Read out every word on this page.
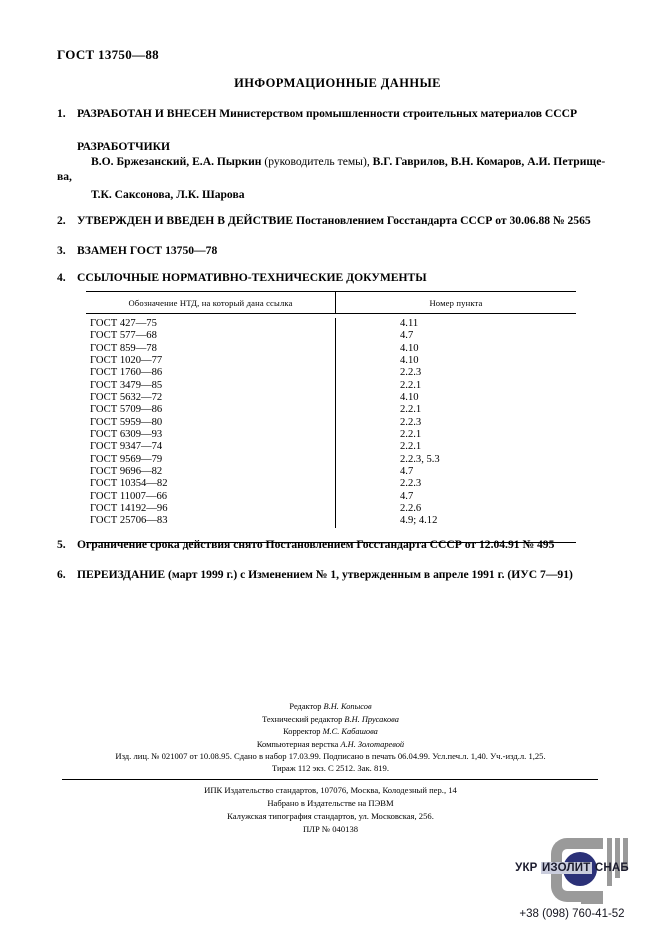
ГОСТ 13750—88
ИНФОРМАЦИОННЫЕ ДАННЫЕ
1. РАЗРАБОТАН И ВНЕСЕН Министерством промышленности строительных материалов СССР
РАЗРАБОТЧИКИ
В.О. Бржезанский, Е.А. Пыркин (руководитель темы), В.Г. Гаврилов, В.Н. Комаров, А.И. Петрище-
ва,
Т.К. Саксонова, Л.К. Шарова
2. УТВЕРЖДЕН И ВВЕДЕН В ДЕЙСТВИЕ Постановлением Госстандарта СССР от 30.06.88 № 2565
3. ВЗАМЕН ГОСТ 13750—78
4. ССЫЛОЧНЫЕ НОРМАТИВНО-ТЕХНИЧЕСКИЕ ДОКУМЕНТЫ
Обозначение НТД, на который дана ссылка	Номер пункта
ГОСТ 427—75
ГОСТ 577—68
ГОСТ 859—78
ГОСТ 1020—77
ГОСТ 1760—86
ГОСТ 3479—85
ГОСТ 5632—72
ГОСТ 5709—86
ГОСТ 5959—80
ГОСТ 6309—93
ГОСТ 9347—74
ГОСТ 9569—79
ГОСТ 9696—82
ГОСТ 10354—82
ГОСТ 11007—66
ГОСТ 14192—96
ГОСТ 25706—83
4.11
4.7
4.10
4.10
2.2.3
2.2.1
4.10
2.2.1
2.2.3
2.2.1
2.2.1
2.2.3, 5.3
4.7
2.2.3
4.7
2.2.6
4.9; 4.12
5. Ограничение срока действия снято Постановлением Госстандарта СССР от 12.04.91 № 495
6. ПЕРЕИЗДАНИЕ (март 1999 г.) с Изменением № 1, утвержденным в апреле 1991 г. (ИУС 7—91)
Редактор В.Н. Копысов
Технический редактор В.Н. Прусакова
Корректор М.С. Кабашова
Компьютерная верстка А.Н. Золотаревой
Изд. лиц. № 021007 от 10.08.95. Сдано в набор 17.03.99. Подписано в печать 06.04.99. Усл.печ.л. 1,40. Уч.-изд.л. 1,25.
Тираж 112 экз. С 2512. Зак. 819.
ИПК Издательство стандартов, 107076, Москва, Колодезный пер., 14
Набрано в Издательстве на ПЭВМ
Калужская типография стандартов, ул. Московская, 256.
ПЛР № 040138
УКР ИЗОЛИТ СНАБ
+38 (098) 760-41-52
